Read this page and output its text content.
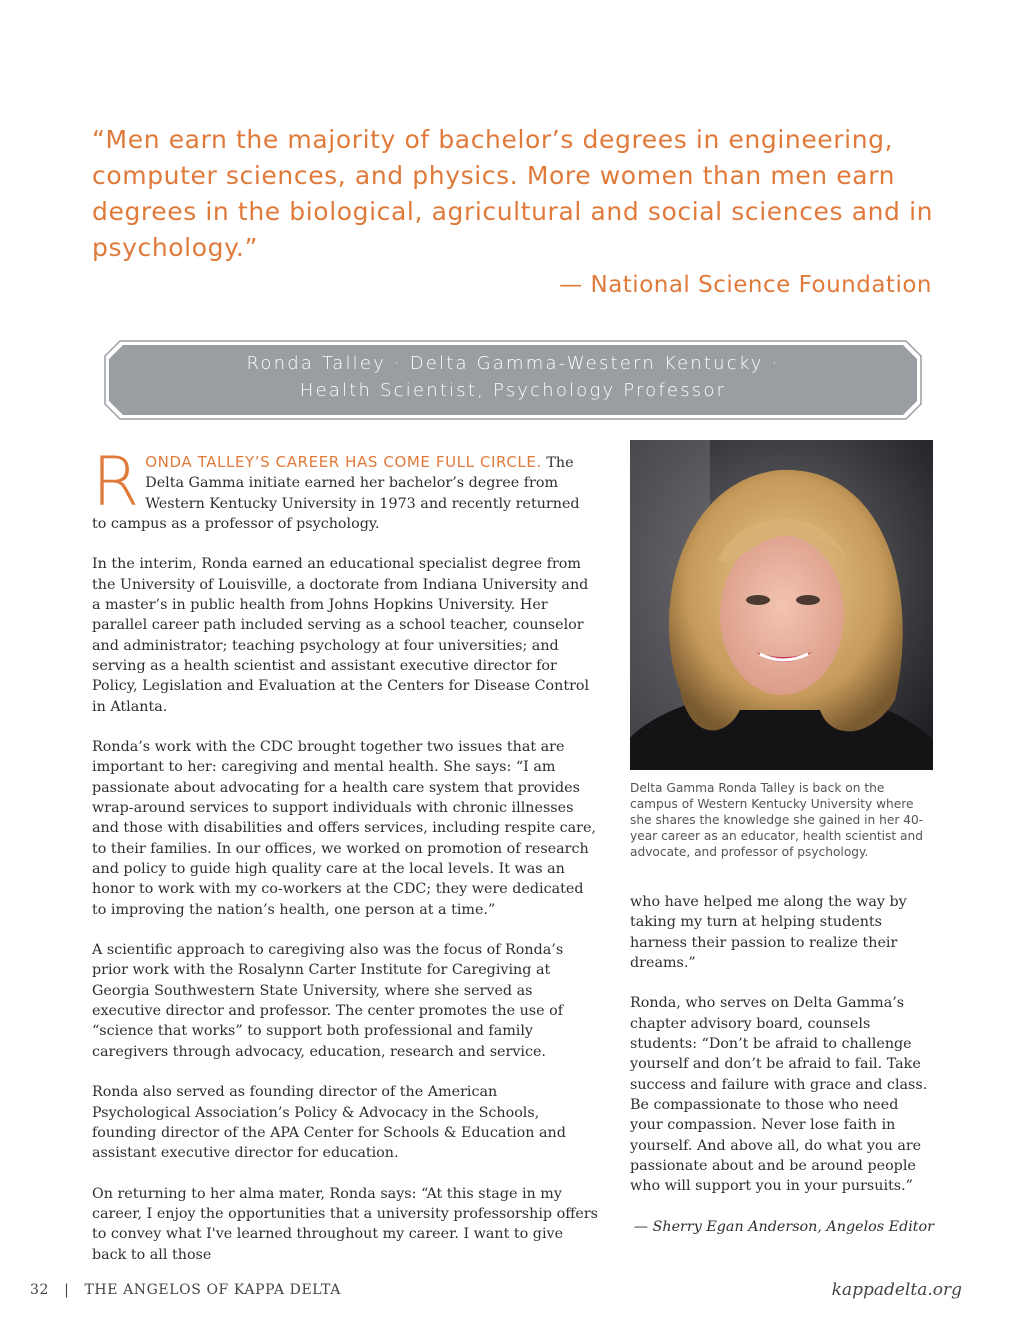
“Men earn the majority of bachelor’s degrees in engineering, computer sciences, and physics. More women than men earn degrees in the biological, agricultural and social sciences and in psychology.”

— National Science Foundation
Ronda Talley · Delta Gamma-Western Kentucky ·
Health Scientist, Psychology Professor

R ONDA TALLEY’S CAREER HAS COME FULL CIRCLE. The Delta Gamma initiate earned her bachelor’s degree from Western Kentucky University in 1973 and recently returned to campus as a professor of psychology.

In the interim, Ronda earned an educational specialist degree from the University of Louisville, a doctorate from Indiana University and a master’s in public health from Johns Hopkins University. Her parallel career path included serving as a school teacher, counselor and administrator; teaching psychology at four universities; and serving as a health scientist and assistant executive director for Policy, Legislation and Evaluation at the Centers for Disease Control in Atlanta.

Ronda’s work with the CDC brought together two issues that are important to her: caregiving and mental health. She says: “I am passionate about advocating for a health care system that provides wrap-around services to support individuals with chronic illnesses and those with disabilities and offers services, including respite care, to their families. In our offices, we worked on promotion of research and policy to guide high quality care at the local levels. It was an honor to work with my co-workers at the CDC; they were dedicated to improving the nation’s health, one person at a time.”

A scientific approach to caregiving also was the focus of Ronda’s prior work with the Rosalynn Carter Institute for Caregiving at Georgia Southwestern State University, where she served as executive director and professor. The center promotes the use of “science that works” to support both professional and family caregivers through advocacy, education, research and service.

Ronda also served as founding director of the American Psychological Association’s Policy & Advocacy in the Schools, founding director of the APA Center for Schools & Education and assistant executive director for education.

On returning to her alma mater, Ronda says: “At this stage in my career, I enjoy the opportunities that a university professorship offers to convey what I've learned throughout my career. I want to give back to all those

Delta Gamma Ronda Talley is back on the campus of Western Kentucky University where she shares the knowledge she gained in her 40-year career as an educator, health scientist and advocate, and professor of psychology.

who have helped me along the way by taking my turn at helping students harness their passion to realize their dreams.”

Ronda, who serves on Delta Gamma’s chapter advisory board, counsels students: “Don’t be afraid to challenge yourself and don’t be afraid to fail. Take success and failure with grace and class. Be compassionate to those who need your compassion. Never lose faith in yourself. And above all, do what you are passionate about and be around people who will support you in your pursuits.”

— Sherry Egan Anderson, Angelos Editor

32 | THE ANGELOS OF KAPPA DELTA	kappadelta.org
